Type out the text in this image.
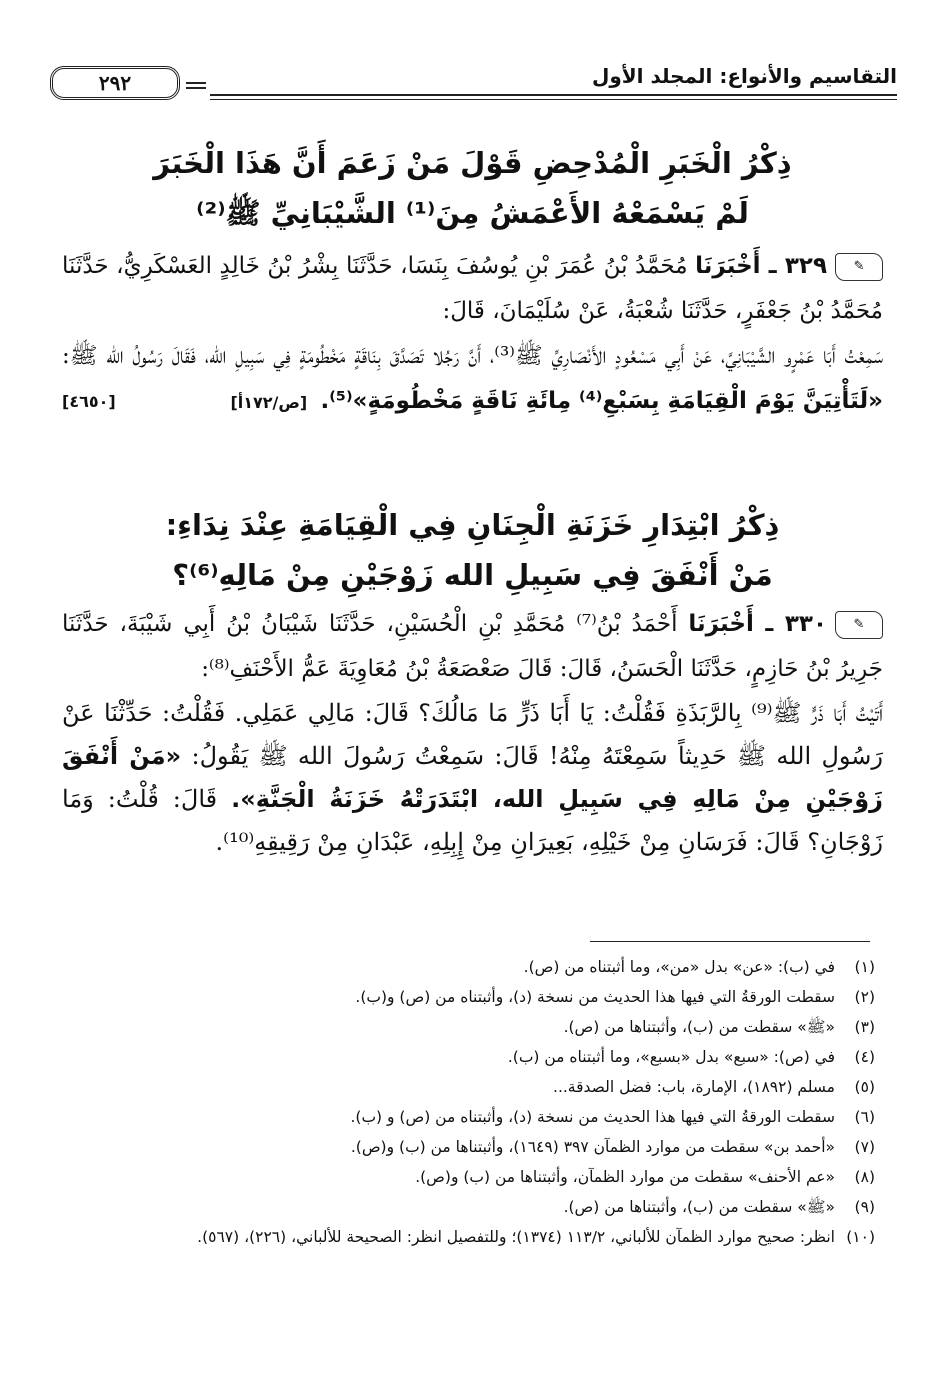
التقاسيم والأنواع: المجلد الأول
٢٩٢
ذِكْرُ الْخَبَرِ الْمُدْحِضِ قَوْلَ مَنْ زَعَمَ أَنَّ هَذَا الْخَبَرَ
لَمْ يَسْمَعْهُ الأَعْمَشُ مِنَ⁽¹⁾ الشَّيْبَانِيِّ ﷺ⁽²⁾
✎٣٢٩ ـ أَخْبَرَنَا مُحَمَّدُ بْنُ عُمَرَ بْنِ يُوسُفَ بِنَسَا، حَدَّثَنَا بِشْرُ بْنُ خَالِدٍ العَسْكَرِيُّ، حَدَّثَنَا مُحَمَّدُ بْنُ جَعْفَرٍ، حَدَّثَنَا شُعْبَةُ، عَنْ سُلَيْمَانَ، قَالَ:
سَمِعْتُ أَبَا عَمْرٍو الشَّيْبَانِيَّ، عَنْ أَبِي مَسْعُودٍ الأَنْصَارِيِّ ﷺ⁽³⁾، أَنَّ رَجُلا تَصَدَّقَ بِنَاقَةٍ مَخْطُومَةٍ فِي سَبِيلِ الله، فَقَالَ رَسُولُ الله ﷺ: «لَتَأْتِيَنَّ يَوْمَ الْقِيَامَةِ بِسَبْعِ⁽⁴⁾ مِائَةِ نَاقَةٍ مَخْطُومَةٍ»⁽⁵⁾.
[٤٦٥٠]	[ص/١٧٢أ]
ذِكْرُ ابْتِدَارِ خَزَنَةِ الْجِنَانِ فِي الْقِيَامَةِ عِنْدَ نِدَاءِ:
مَنْ أَنْفَقَ فِي سَبِيلِ الله زَوْجَيْنِ مِنْ مَالِهِ⁽⁶⁾؟
✎٣٣٠ ـ أَخْبَرَنَا أَحْمَدُ بْنُ⁽⁷⁾ مُحَمَّدِ بْنِ الْحُسَيْنِ، حَدَّثَنَا شَيْبَانُ بْنُ أَبِي شَيْبَةَ، حَدَّثَنَا جَرِيرُ بْنُ حَازِمٍ، حَدَّثَنَا الْحَسَنُ، قَالَ: قَالَ صَعْصَعَةُ بْنُ مُعَاوِيَةَ عَمُّ الأَحْنَفِ⁽⁸⁾:
أَتَيْتُ أَبَا ذَرٍّ ﷺ⁽⁹⁾ بِالرَّبَذَةِ فَقُلْتُ: يَا أَبَا ذَرٍّ مَا مَالُكَ؟ قَالَ: مَالِي عَمَلِي. فَقُلْتُ: حَدِّثْنَا عَنْ رَسُولِ الله ﷺ حَدِيثاً سَمِعْتَهُ مِنْهُ! قَالَ: سَمِعْتُ رَسُولَ الله ﷺ يَقُولُ: «مَنْ أَنْفَقَ زَوْجَيْنِ مِنْ مَالِهِ فِي سَبِيلِ الله، ابْتَدَرَتْهُ خَزَنَةُ الْجَنَّةِ». قَالَ: قُلْتُ: وَمَا زَوْجَانِ؟ قَالَ: فَرَسَانِ مِنْ خَيْلِهِ، بَعِيرَانِ مِنْ إِبِلِهِ، عَبْدَانِ مِنْ رَقِيقِهِ⁽¹⁰⁾.
(١)في (ب): «عن» بدل «من»، وما أثبتناه من (ص).
(٢)سقطت الورقةُ التي فيها هذا الحديث من نسخة (د)، وأثبتناه من (ص) و(ب).
(٣)«ﷺ» سقطت من (ب)، وأثبتناها من (ص).
(٤)في (ص): «سبع» بدل «بسبع»، وما أثبتناه من (ب).
(٥)مسلم (١٨٩٢)، الإمارة، باب: فضل الصدقة...
(٦)سقطت الورقةُ التي فيها هذا الحديث من نسخة (د)، وأثبتناه من (ص) و (ب).
(٧)«أحمد بن» سقطت من موارد الظمآن ٣٩٧ (١٦٤٩)، وأثبتناها من (ب) و(ص).
(٨)«عم الأحنف» سقطت من موارد الظمآن، وأثبتناها من (ب) و(ص).
(٩)«ﷺ» سقطت من (ب)، وأثبتناها من (ص).
(١٠)انظر: صحيح موارد الظمآن للألباني، ١١٣/٢ (١٣٧٤)؛ وللتفصيل انظر: الصحيحة للألباني، (٢٢٦)، (٥٦٧).
